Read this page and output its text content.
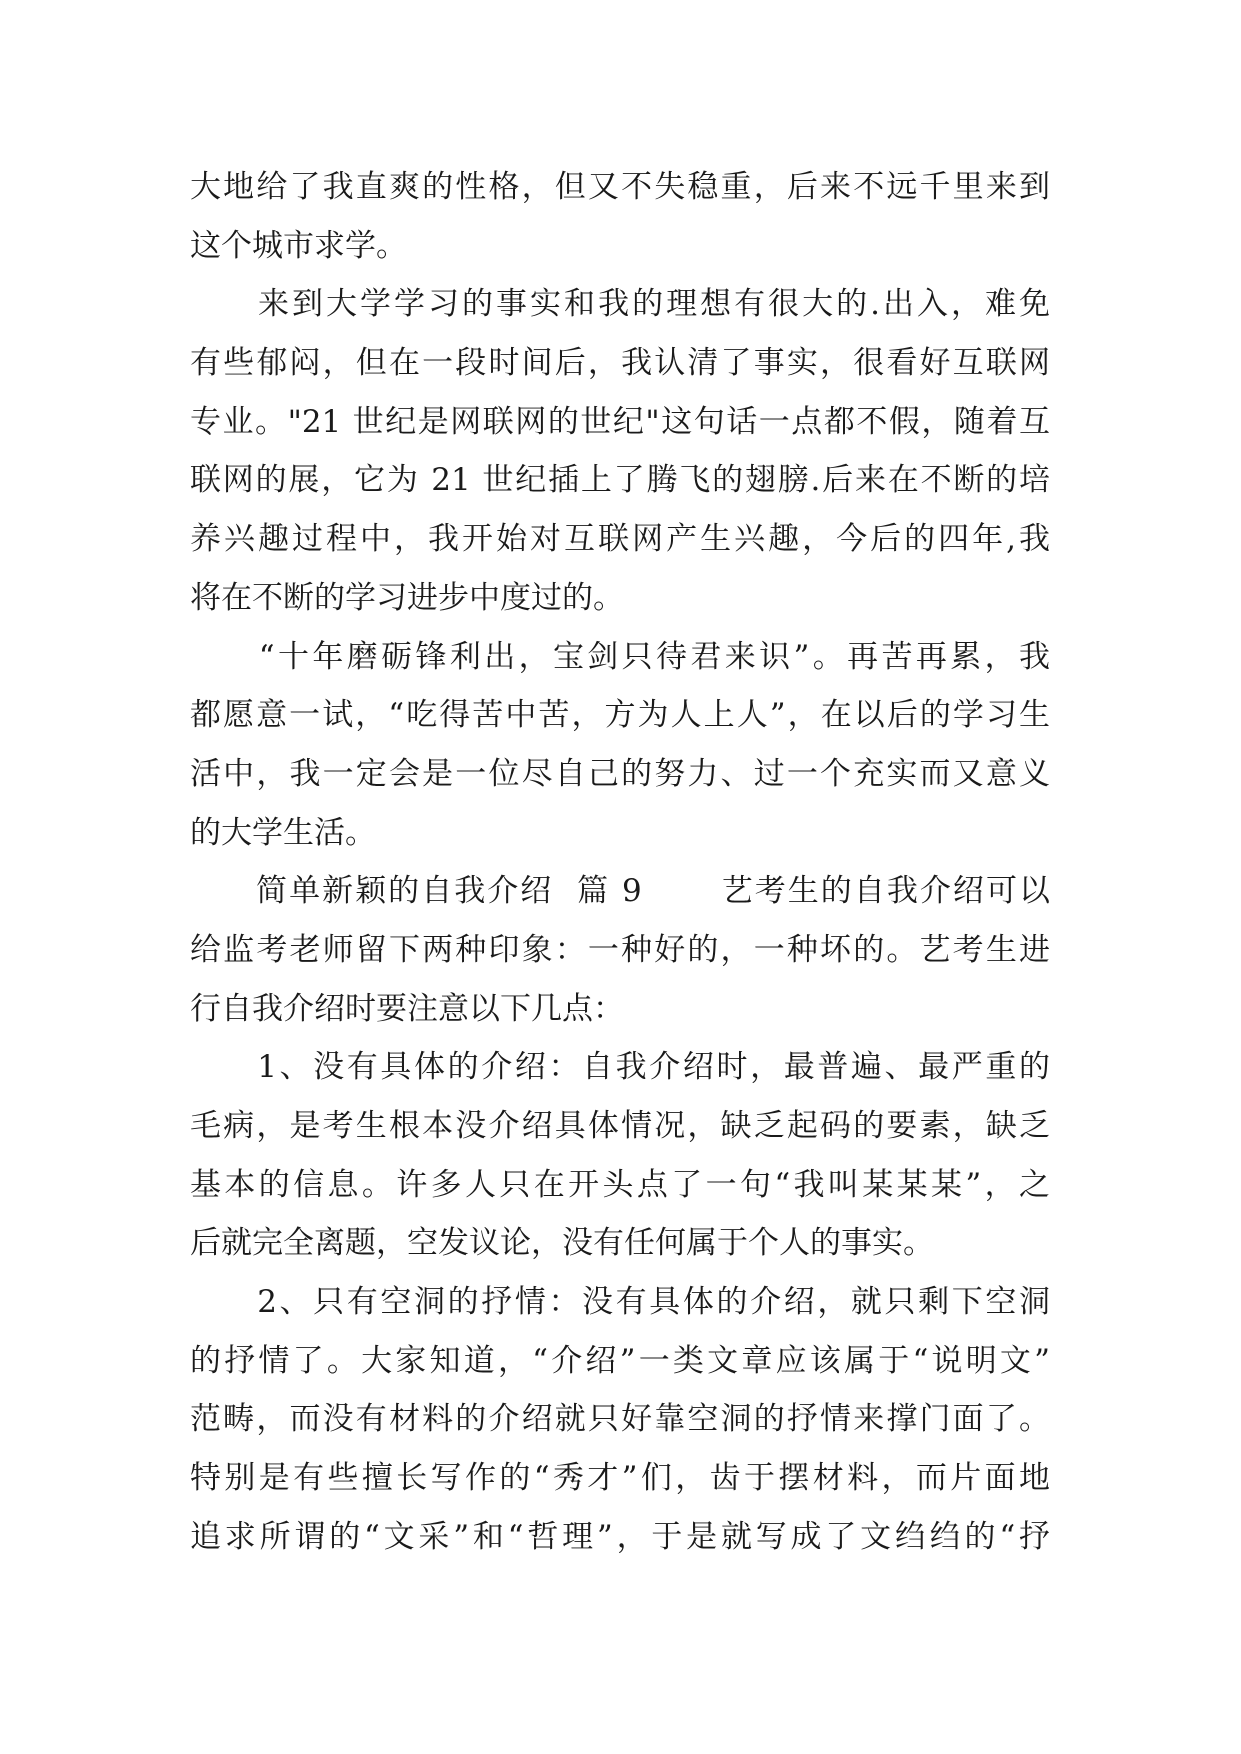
大地给了我直爽的性格，但又不失稳重，后来不远千里来到
这个城市求学。
　　来到大学学习的事实和我的理想有很大的.出入，难免
有些郁闷，但在一段时间后，我认清了事实，很看好互联网
专业。"21 世纪是网联网的世纪"这句话一点都不假，随着互
联网的展，它为 21 世纪插上了腾飞的翅膀.后来在不断的培
养兴趣过程中，我开始对互联网产生兴趣，今后的四年,我
将在不断的学习进步中度过的。
　　“十年磨砺锋利出，宝剑只待君来识”。再苦再累，我
都愿意一试，“吃得苦中苦，方为人上人”，在以后的学习生
活中，我一定会是一位尽自己的努力、过一个充实而又意义
的大学生活。
　　简单新颖的自我介绍  篇 9　　 艺考生的自我介绍可以
给监考老师留下两种印象：一种好的，一种坏的。艺考生进
行自我介绍时要注意以下几点：
　　1、没有具体的介绍：自我介绍时，最普遍、最严重的
毛病，是考生根本没介绍具体情况，缺乏起码的要素，缺乏
基本的信息。许多人只在开头点了一句“我叫某某某”，之
后就完全离题，空发议论，没有任何属于个人的事实。
　　2、只有空洞的抒情：没有具体的介绍，就只剩下空洞
的抒情了。大家知道，“介绍”一类文章应该属于“说明文”
范畴，而没有材料的介绍就只好靠空洞的抒情来撑门面了。
特别是有些擅长写作的“秀才”们，齿于摆材料，而片面地
追求所谓的“文采”和“哲理”，于是就写成了文绉绉的“抒
